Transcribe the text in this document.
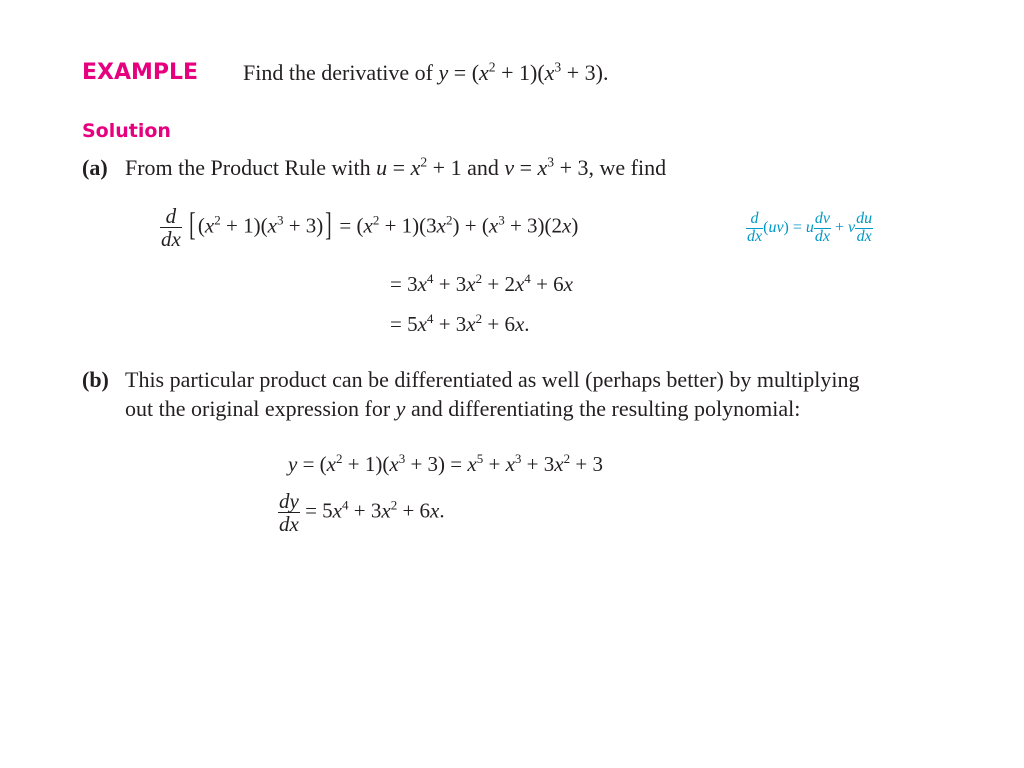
EXAMPLE Find the derivative of $y = (x^2 + 1)(x^3 + 3)$.
Solution
(a) From the Product Rule with $u = x^2 + 1$ and $v = x^3 + 3$, we find
$\frac{d}{dx}$ [ $(x^2 + 1)(x^3 + 3)] = (x^2 + 1)(3x^2) + (x^3 + 3)(2x)$	$\frac{d}{dx} (uv) = u \frac{dv}{dx} + v \frac{du}{dx}$
= $3x^4 + 3x^2 + 2x^4 + 6x$
= $5x^4 + 3x^2 + 6x$.
(b) This particular product can be differentiated as well (perhaps better) by multiplying
out the original expression for y and differentiating the resulting polynomial:
$y = (x^2 + 1)(x^3 + 3) = x^5 + x^3 + 3x^2 + 3$
$\frac{dy}{dx} = 5x^4 + 3x^2 + 6x$.
